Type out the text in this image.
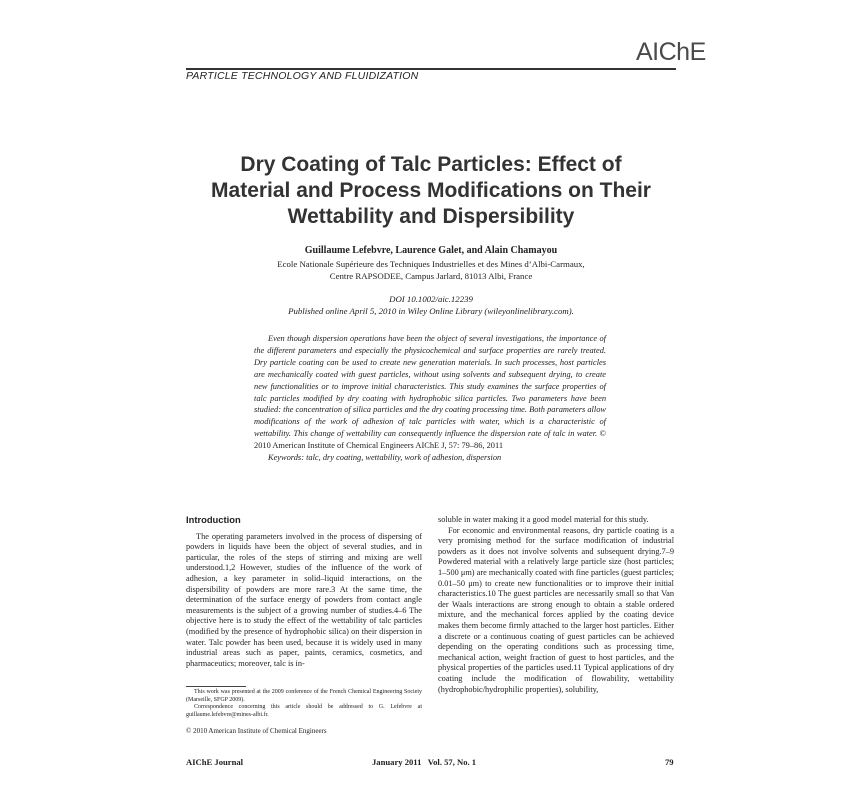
AIChE
PARTICLE TECHNOLOGY AND FLUIDIZATION
Dry Coating of Talc Particles: Effect of
Material and Process Modifications on Their
Wettability and Dispersibility
Guillaume Lefebvre, Laurence Galet, and Alain Chamayou
Ecole Nationale Supérieure des Techniques Industrielles et des Mines d’Albi-Carmaux,
Centre RAPSODEE, Campus Jarlard, 81013 Albi, France
DOI 10.1002/aic.12239
Published online April 5, 2010 in Wiley Online Library (wileyonlinelibrary.com).

Even though dispersion operations have been the object of several investigations, the importance of the different parameters and especially the physicochemical and surface properties are rarely treated. Dry particle coating can be used to create new generation materials. In such processes, host particles are mechanically coated with guest particles, without using solvents and subsequent drying, to create new functionalities or to improve initial characteristics. This study examines the surface properties of talc particles modified by dry coating with hydrophobic silica particles. Two parameters have been studied: the concentration of silica particles and the dry coating processing time. Both parameters allow modifications of the work of adhesion of talc particles with water, which is a characteristic of wettability. This change of wettability can consequently influence the dispersion rate of talc in water. © 2010 American Institute of Chemical Engineers AIChE J, 57: 79–86, 2011

Keywords: talc, dry coating, wettability, work of adhesion, dispersion

Introduction

The operating parameters involved in the process of dispersing of powders in liquids have been the object of several studies, and in particular, the roles of the steps of stirring and mixing are well understood.1,2 However, studies of the influence of the work of adhesion, a key parameter in solid–liquid interactions, on the dispersibility of powders are more rare.3 At the same time, the determination of the surface energy of powders from contact angle measurements is the subject of a growing number of studies.4–6 The objective here is to study the effect of the wettability of talc particles (modified by the presence of hydrophobic silica) on their dispersion in water. Talc powder has been used, because it is widely used in many industrial areas such as paper, paints, ceramics, cosmetics, and pharmaceutics; moreover, talc is in-

This work was presented at the 2009 conference of the French Chemical Engineering Society (Marseille, SFGP 2009).

Correspondence concerning this article should be addressed to G. Lefebvre at guillaume.lefebvre@mines-albi.fr.

© 2010 American Institute of Chemical Engineers

soluble in water making it a good model material for this study.

For economic and environmental reasons, dry particle coating is a very promising method for the surface modification of industrial powders as it does not involve solvents and subsequent drying.7–9 Powdered material with a relatively large particle size (host particles; 1–500 μm) are mechanically coated with fine particles (guest particles; 0.01–50 μm) to create new functionalities or to improve their initial characteristics.10 The guest particles are necessarily small so that Van der Waals interactions are strong enough to obtain a stable ordered mixture, and the mechanical forces applied by the coating device makes them become firmly attached to the larger host particles. Either a discrete or a continuous coating of guest particles can be achieved depending on the operating conditions such as processing time, mechanical action, weight fraction of guest to host particles, and the physical properties of the particles used.11 Typical applications of dry coating include the modification of flowability, wettability (hydrophobic/hydrophilic properties), solubility,

AIChE Journal	January 2011   Vol. 57, No. 1	79
